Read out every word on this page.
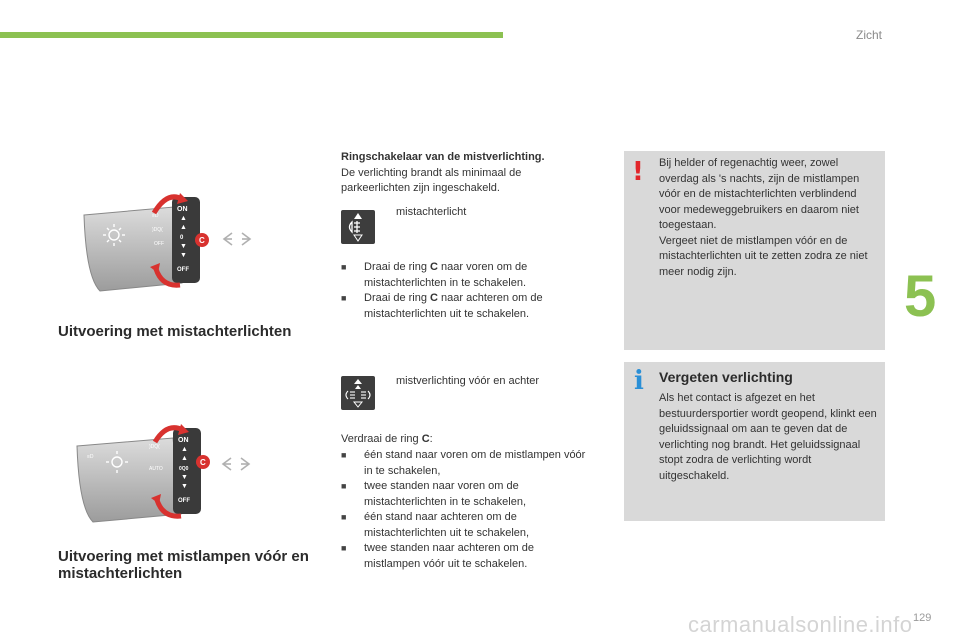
Zicht
5
129
carmanualsonline.info
≡D
)DQ(
OFF
ON
▲
▲
0
▼
▼
OFF
C
Uitvoering met mistachterlichten
≡D
)DQ(
AUTO
ON
▲
▲
0Q0
▼
▼
OFF
C
Uitvoering met mistlampen vóór en mistachterlichten
Ringschakelaar van de mistverlichting.
De verlichting brandt als minimaal de parkeerlichten zijn ingeschakeld.
mistachterlicht
■ Draai de ring C naar voren om de mistachterlichten in te schakelen.
■ Draai de ring C naar achteren om de mistachterlichten uit te schakelen.
mistverlichting vóór en achter
Verdraai de ring C:
■ één stand naar voren om de mistlampen vóór in te schakelen,
■ twee standen naar voren om de mistachterlichten in te schakelen,
■ één stand naar achteren om de mistachterlichten uit te schakelen,
■ twee standen naar achteren om de mistlampen vóór uit te schakelen.
! Bij helder of regenachtig weer, zowel overdag als 's nachts, zijn de mistlampen vóór en de mistachterlichten verblindend voor medeweggebruikers en daarom niet toegestaan.
Vergeet niet de mistlampen vóór en de mistachterlichten uit te zetten zodra ze niet meer nodig zijn.
i Vergeten verlichting
Als het contact is afgezet en het bestuurdersportier wordt geopend, klinkt een geluidssignaal om aan te geven dat de verlichting nog brandt. Het geluidssignaal stopt zodra de verlichting wordt uitgeschakeld.
